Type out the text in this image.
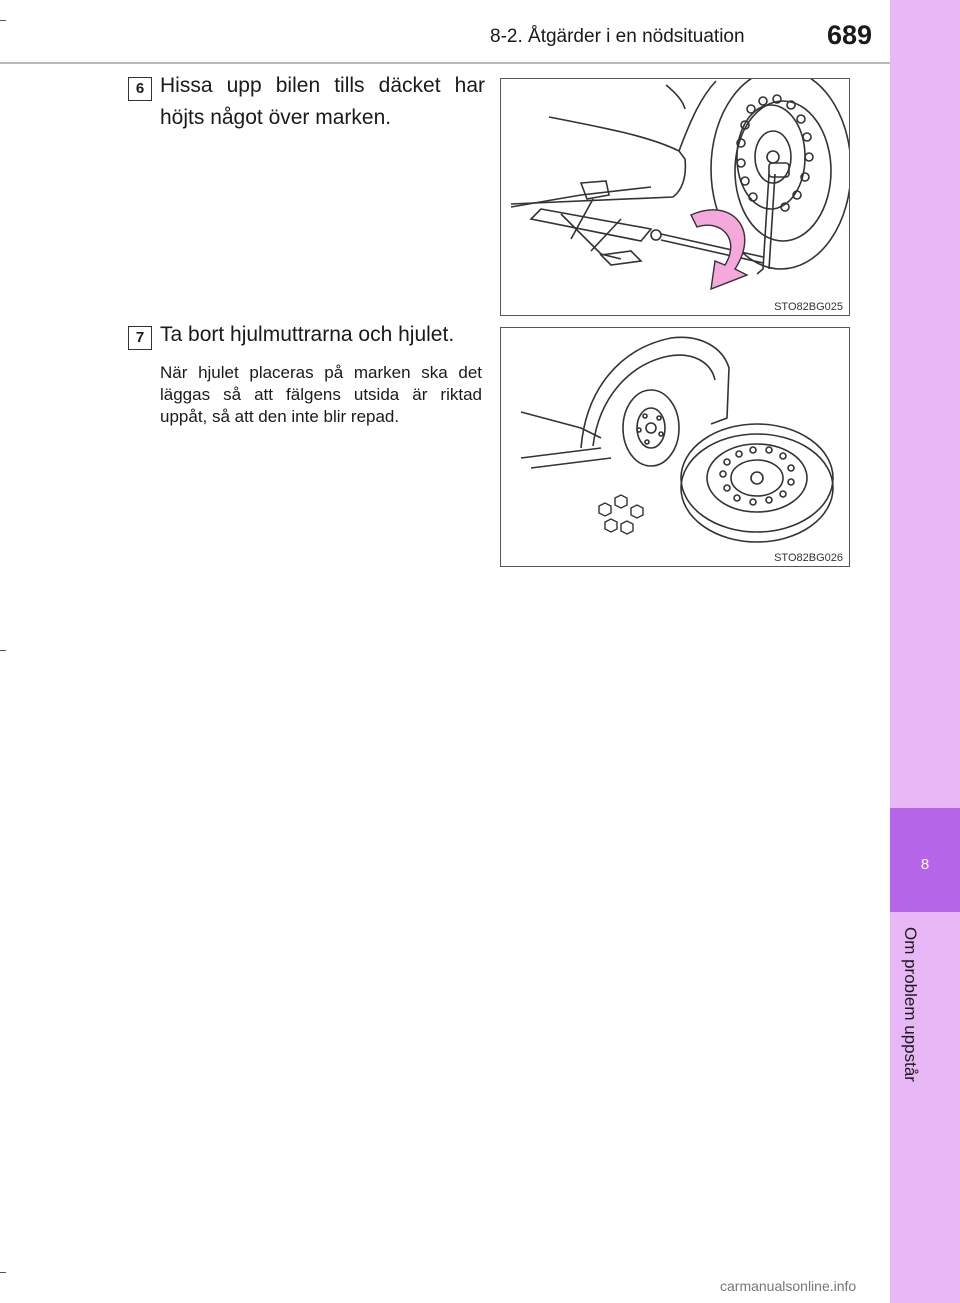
8-2. Åtgärder i en nödsituation	689
8
Om problem uppstår
6 Hissa upp bilen tills däcket har höjts något över marken.
STO82BG025
7 Ta bort hjulmuttrarna och hjulet.
När hjulet placeras på marken ska det läggas så att fälgens utsida är riktad uppåt, så att den inte blir repad.
STO82BG026
carmanualsonline.info
